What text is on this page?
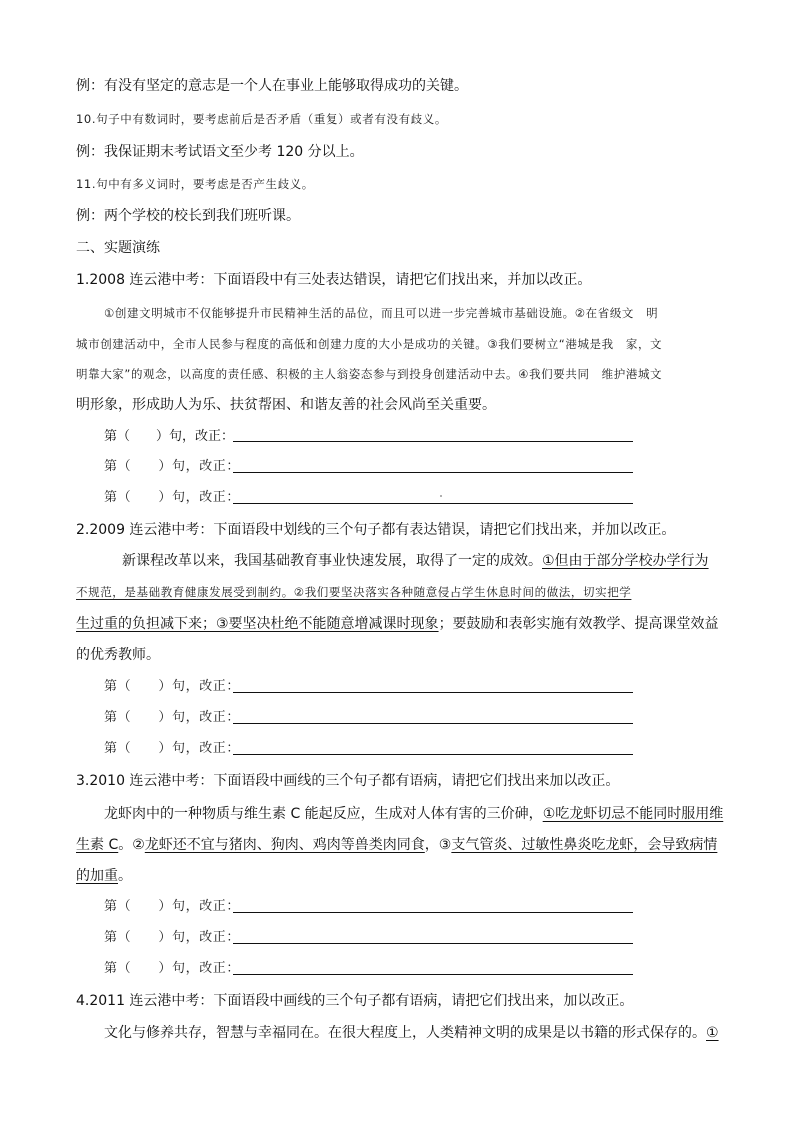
例：有没有坚定的意志是一个人在事业上能够取得成功的关键。
10.句子中有数词时，要考虑前后是否矛盾（重复）或者有没有歧义。
例：我保证期末考试语文至少考 120 分以上。
11.句中有多义词时，要考虑是否产生歧义。
例：两个学校的校长到我们班听课。
二、实题演练
1.2008 连云港中考：下面语段中有三处表达错误，请把它们找出来，并加以改正。
①创建文明城市不仅能够提升市民精神生活的品位，而且可以进一步完善城市基础设施。②在省级文　明
城市创建活动中，全市人民参与程度的高低和创建力度的大小是成功的关键。③我们要树立“港城是我　家，文
明靠大家”的观念，以高度的责任感、积极的主人翁姿态参与到投身创建活动中去。④我们要共同　维护港城文
明形象，形成助人为乐、扶贫帮困、和谐友善的社会风尚至关重要。
第（　　）句，改正：
第（　　）句，改正：
第（　　）句，改正：
2.2009 连云港中考：下面语段中划线的三个句子都有表达错误，请把它们找出来，并加以改正。
新课程改革以来，我国基础教育事业快速发展，取得了一定的成效。①但由于部分学校办学行为
不规范，是基础教育健康发展受到制约。②我们要坚决落实各种随意侵占学生休息时间的做法，切实把学
生过重的负担减下来；③要坚决杜绝不能随意增减课时现象；要鼓励和表彰实施有效教学、提高课堂效益
的优秀教师。
第（　　）句，改正：
第（　　）句，改正：
第（　　）句，改正：
3.2010 连云港中考：下面语段中画线的三个句子都有语病，请把它们找出来加以改正。
龙虾肉中的一种物质与维生素 C 能起反应，生成对人体有害的三价砷，①吃龙虾切忌不能同时服用维
生素 C。②龙虾还不宜与猪肉、狗肉、鸡肉等兽类肉同食，③支气管炎、过敏性鼻炎吃龙虾，会导致病情
的加重。
第（　　）句，改正：
第（　　）句，改正：
第（　　）句，改正：
4.2011 连云港中考：下面语段中画线的三个句子都有语病，请把它们找出来，加以改正。
文化与修养共存，智慧与幸福同在。在很大程度上，人类精神文明的成果是以书籍的形式保存的。①
